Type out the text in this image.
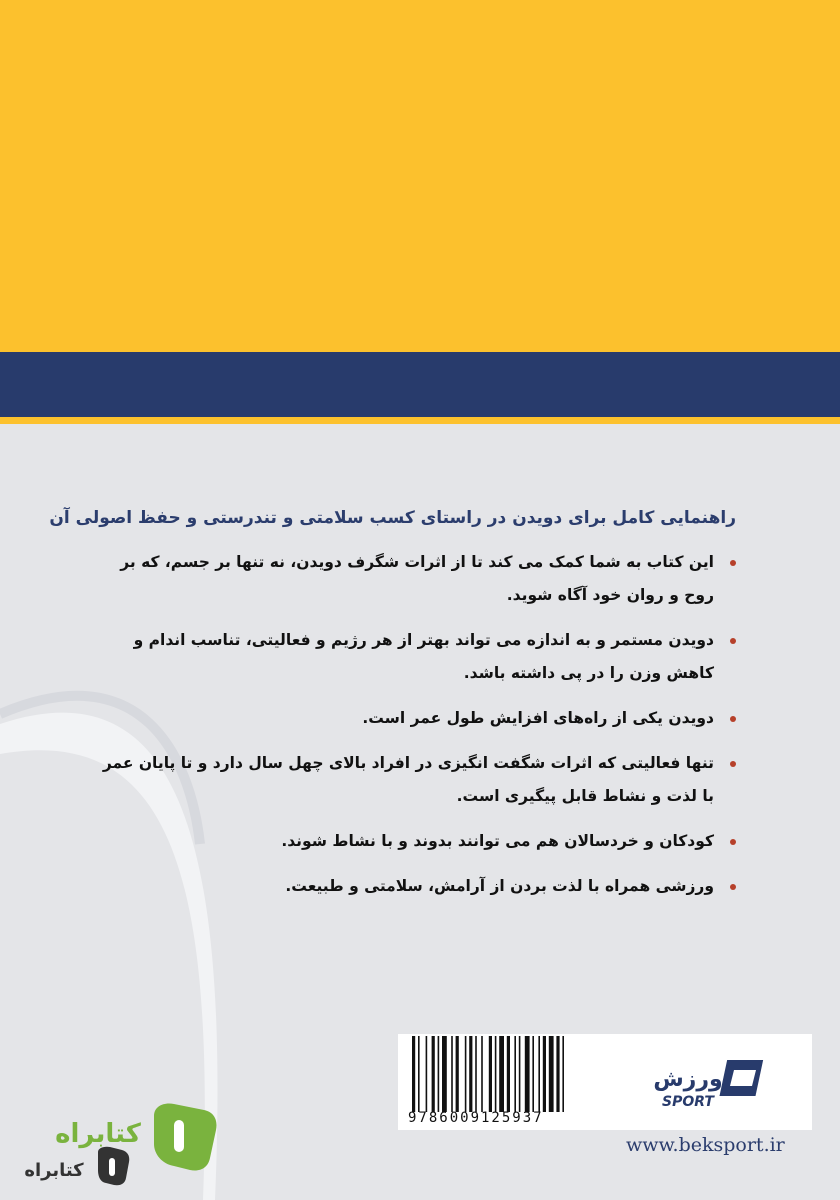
راهنمایی کامل برای دویدن در راستای کسب سلامتی و تندرستی و حفظ اصولی آن
این کتاب به شما کمک می کند تا از اثرات شگرف دویدن، نه تنها بر جسم، که بر روح و روان خود آگاه شوید.
دویدن مستمر و به اندازه می تواند بهتر از هر رژیم و فعالیتی، تناسب اندام و کاهش وزن را در پی داشته باشد.
دویدن یکی از راه‌های افزایش طول عمر است.
تنها فعالیتی که اثرات شگفت انگیزی در افراد بالای چهل سال دارد و تا پایان عمر با لذت و نشاط قابل پیگیری است.
کودکان و خردسالان هم می توانند بدوند و با نشاط شوند.
ورزشی همراه با لذت بردن از آرامش، سلامتی و طبیعت.
9786009125937
ورزش
SPORT
www.beksport.ir
کتابراه
کتابراه
